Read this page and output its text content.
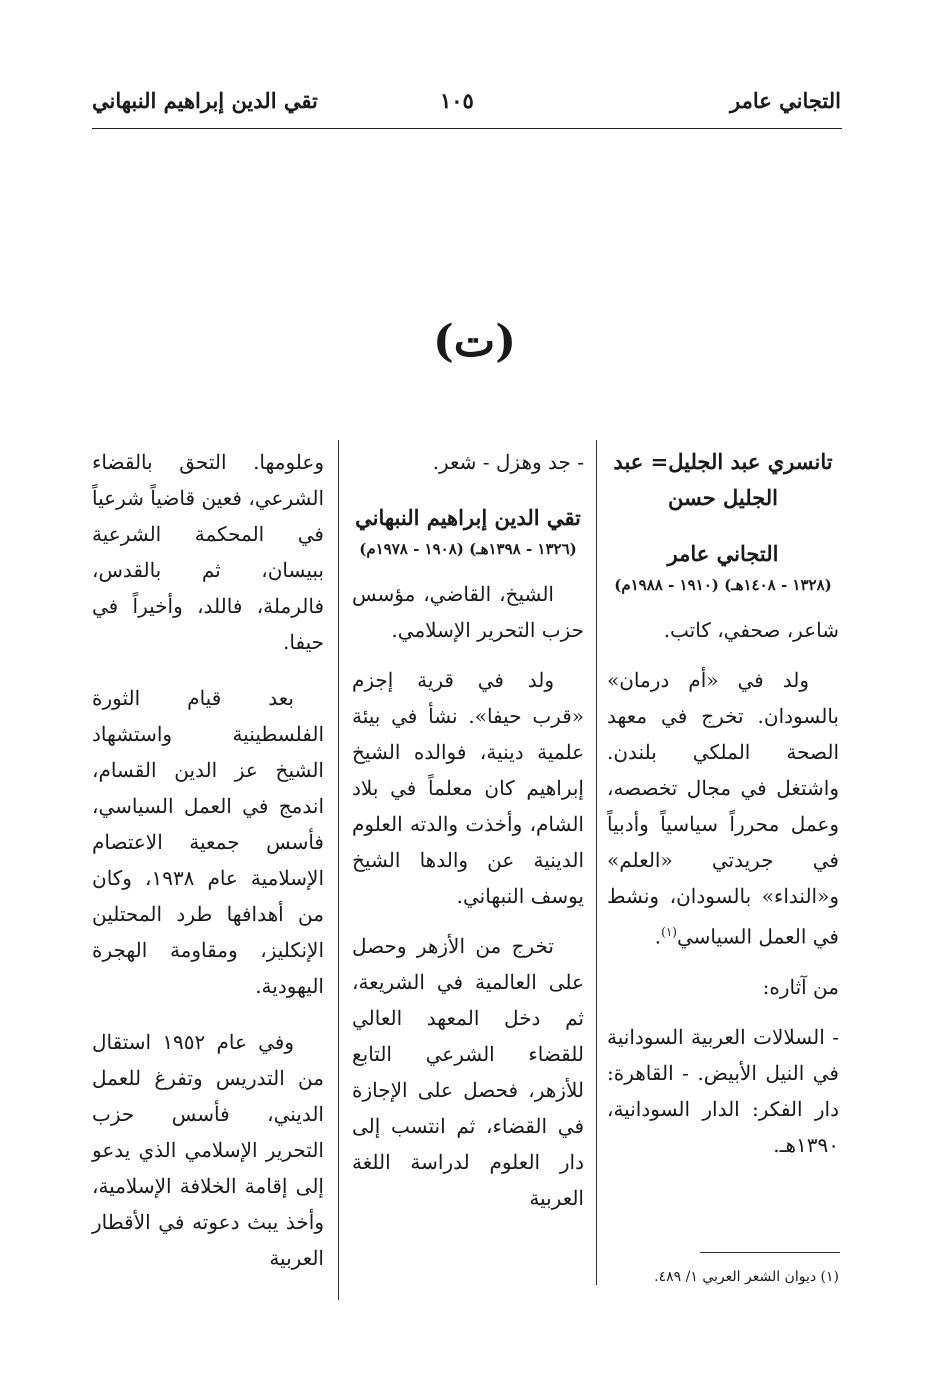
التجاني عامر
١٠٥
تقي الدين إبراهيم النبهاني
(ت)

تانسري عبد الجليل= عبد الجليل حسن

التجاني عامر

(١٣٢٨ - ١٤٠٨هـ) (١٩١٠ - ١٩٨٨م)

شاعر، صحفي، كاتب.

ولد في «أم درمان» بالسودان. تخرج في معهد الصحة الملكي بلندن. واشتغل في مجال تخصصه، وعمل محرراً سياسياً وأدبياً في جريدتي «العلم» و«النداء» بالسودان، ونشط في العمل السياسي$^{(١)}$.

من آثاره:

- السلالات العربية السودانية في النيل الأبيض. - القاهرة: دار الفكر: الدار السودانية، ١٣٩٠هـ.

- جد وهزل - شعر.

تقي الدين إبراهيم النبهاني

(١٣٢٦ - ١٣٩٨هـ) (١٩٠٨ - ١٩٧٨م)

الشيخ، القاضي، مؤسس حزب التحرير الإسلامي.

ولد في قرية إجزم «قرب حيفا». نشأ في بيئة علمية دينية، فوالده الشيخ إبراهيم كان معلماً في بلاد الشام، وأخذت والدته العلوم الدينية عن والدها الشيخ يوسف النبهاني.

تخرج من الأزهر وحصل على العالمية في الشريعة، ثم دخل المعهد العالي للقضاء الشرعي التابع للأزهر، فحصل على الإجازة في القضاء، ثم انتسب إلى دار العلوم لدراسة اللغة العربية

وعلومها. التحق بالقضاء الشرعي، فعين قاضياً شرعياً في المحكمة الشرعية ببيسان، ثم بالقدس، فالرملة، فاللد، وأخيراً في حيفا.

بعد قيام الثورة الفلسطينية واستشهاد الشيخ عز الدين القسام، اندمج في العمل السياسي، فأسس جمعية الاعتصام الإسلامية عام ١٩٣٨، وكان من أهدافها طرد المحتلين الإنكليز، ومقاومة الهجرة اليهودية.

وفي عام ١٩٥٢ استقال من التدريس وتفرغ للعمل الديني، فأسس حزب التحرير الإسلامي الذي يدعو إلى إقامة الخلافة الإسلامية، وأخذ يبث دعوته في الأقطار العربية

(١) ديوان الشعر العربي ١/ ٤٨٩.
